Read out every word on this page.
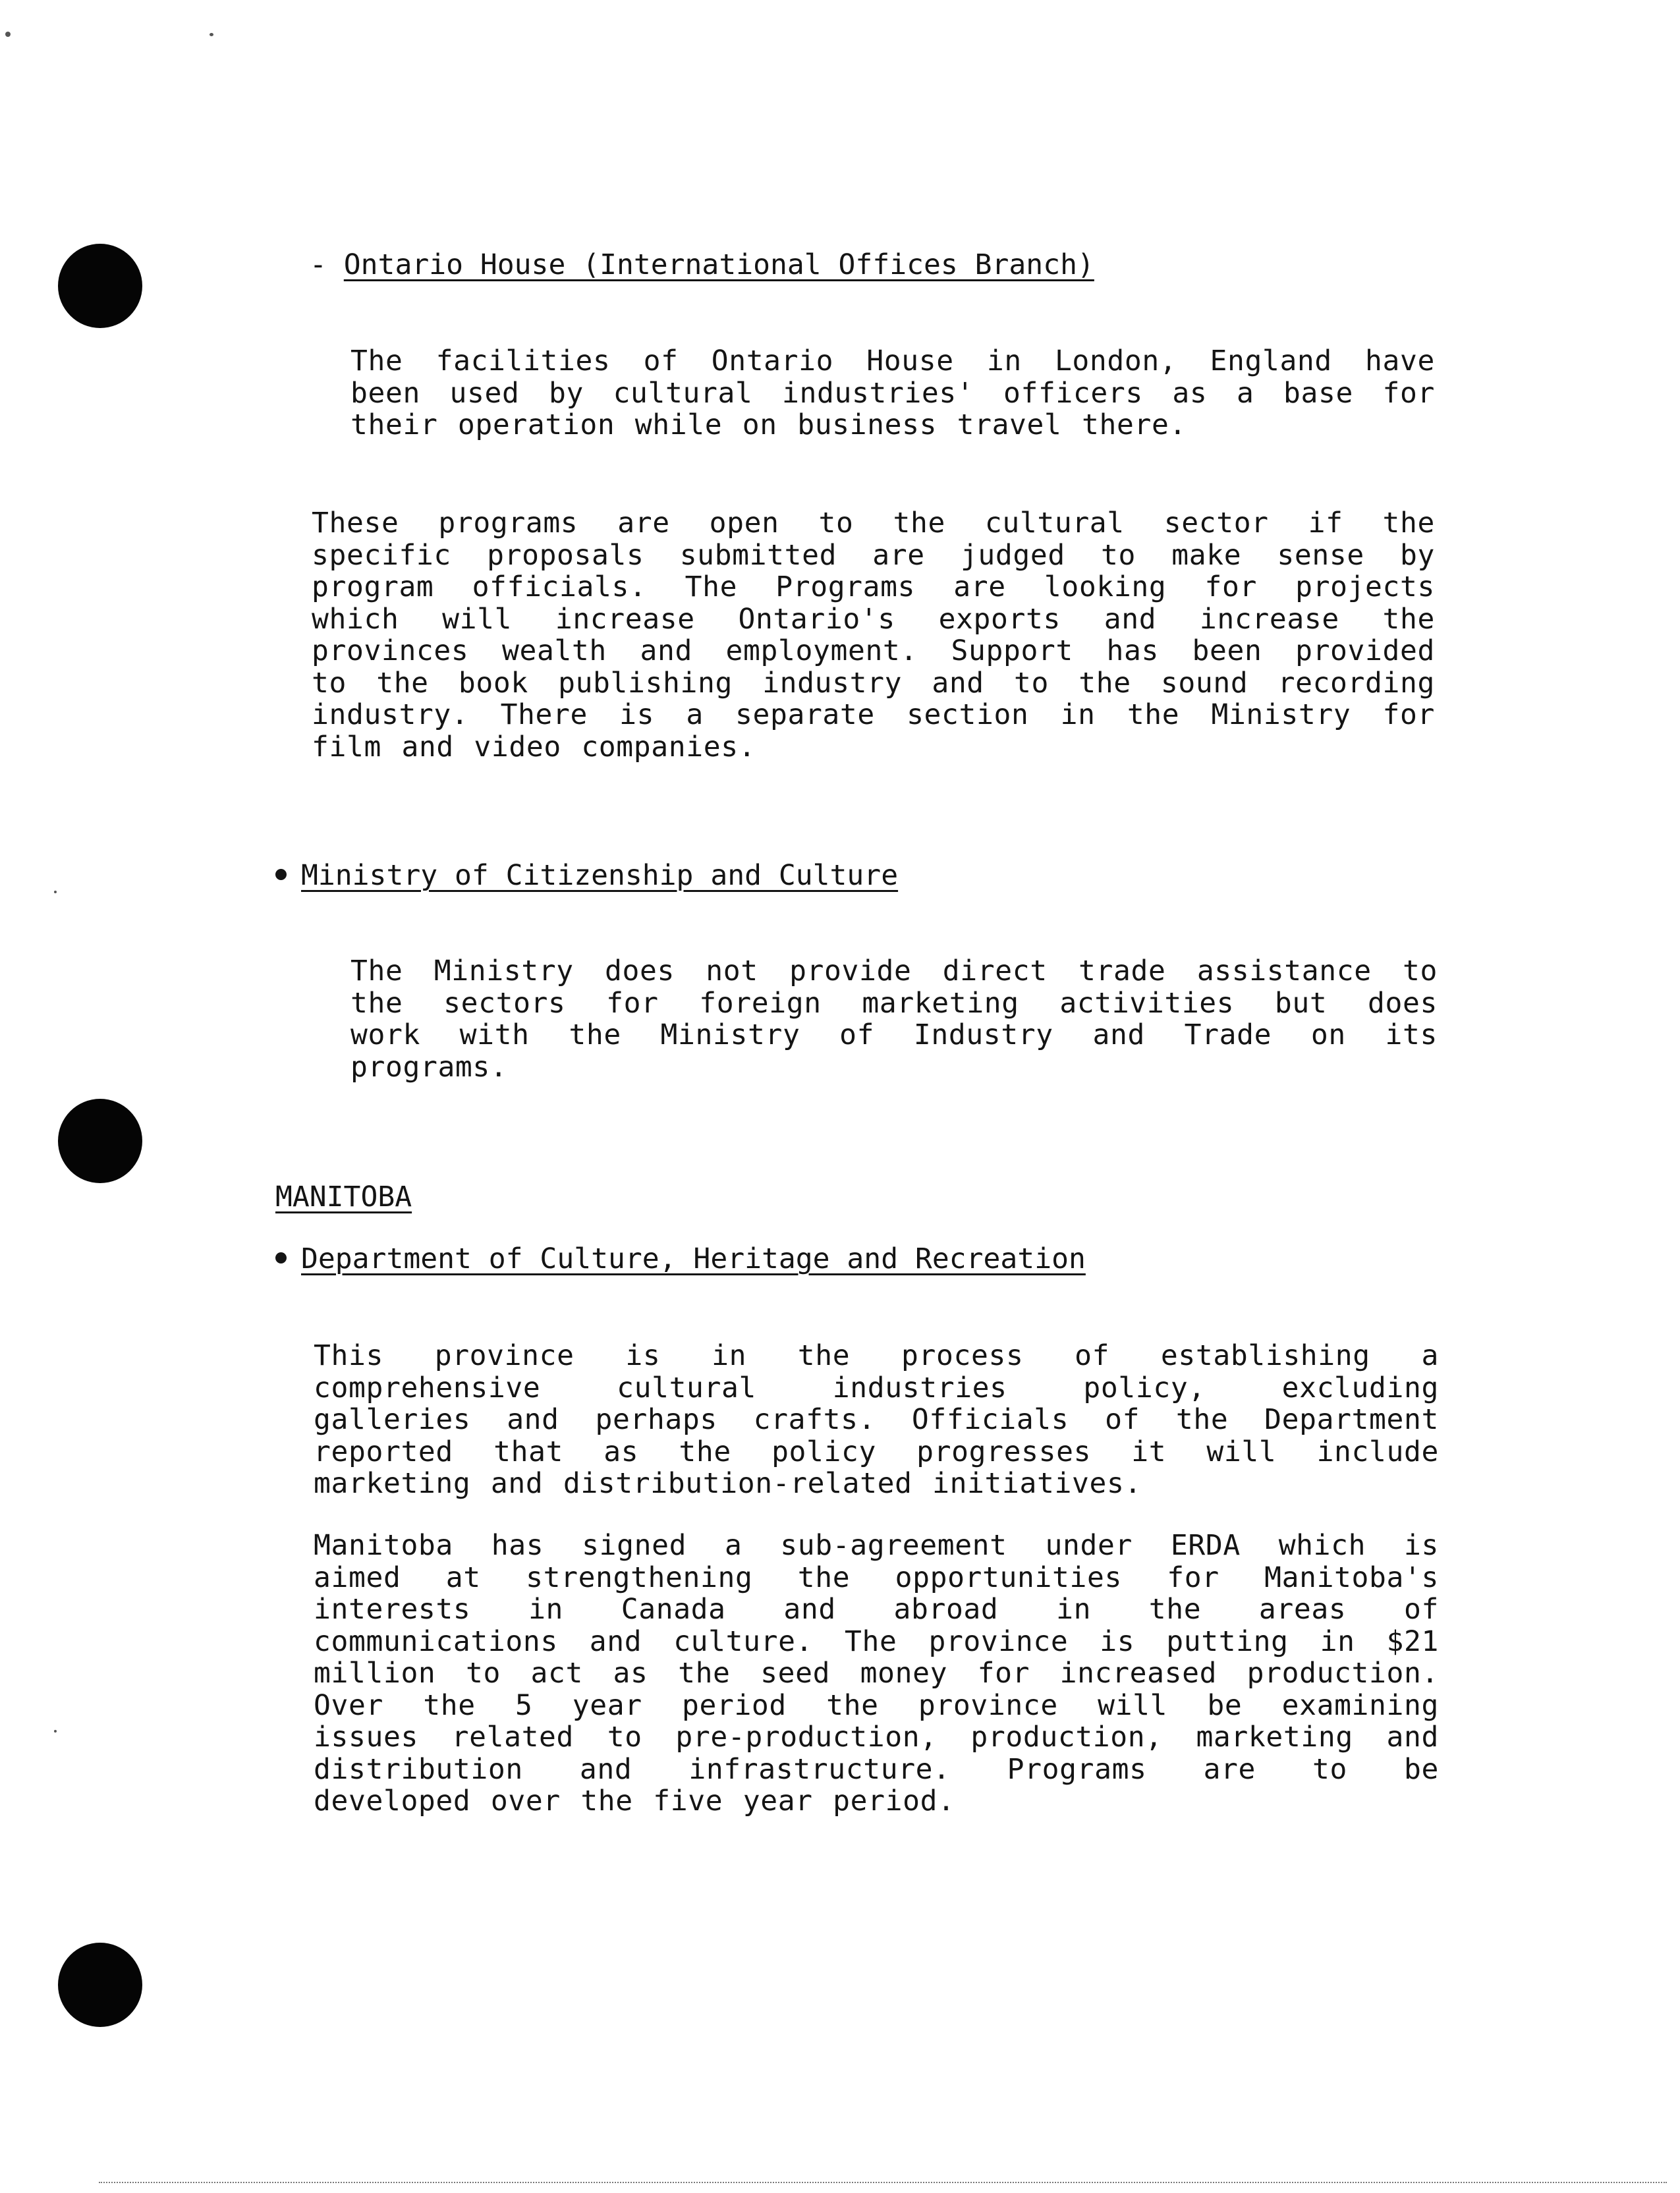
- Ontario House (International Offices Branch)
The facilities of Ontario House in London, England have
been used by cultural industries' officers as a base for
their operation while on business travel there.
These programs are open to the cultural sector if the
specific proposals submitted are judged to make sense by
program officials. The Programs are looking for projects
which will increase Ontario's exports and increase the
provinces wealth and employment. Support has been provided
to the book publishing industry and to the sound recording
industry. There is a separate section in the Ministry for
film and video companies.
Ministry of Citizenship and Culture
The Ministry does not provide direct trade assistance to
the sectors for foreign marketing activities but does
work with the Ministry of Industry and Trade on its
programs.
MANITOBA
Department of Culture, Heritage and Recreation
This province is in the process of establishing a
comprehensive cultural industries policy, excluding
galleries and perhaps crafts. Officials of the Department
reported that as the policy progresses it will include
marketing and distribution-related initiatives.
Manitoba has signed a sub-agreement under ERDA which is
aimed at strengthening the opportunities for Manitoba's
interests in Canada and abroad in the areas of
communications and culture. The province is putting in $21
million to act as the seed money for increased production.
Over the 5 year period the province will be examining
issues related to pre-production, production, marketing and
distribution and infrastructure. Programs are to be
developed over the five year period.
